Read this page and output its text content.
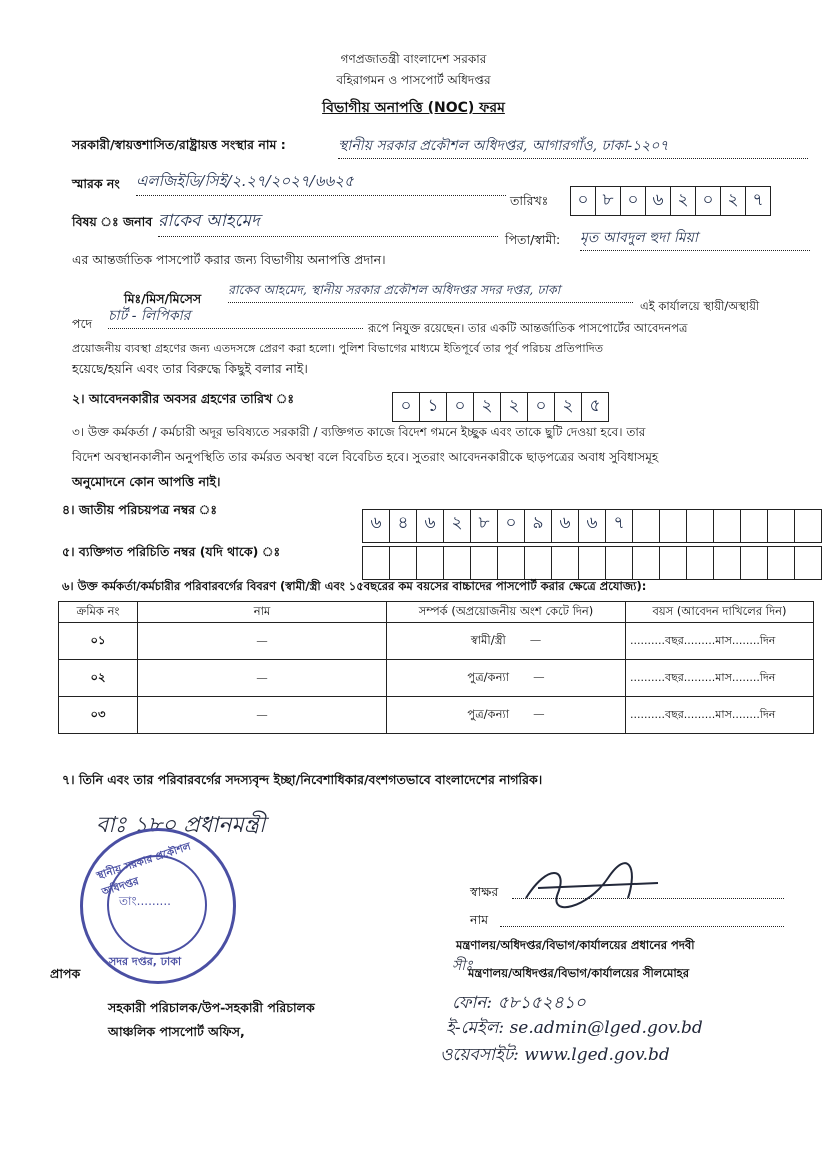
গণপ্রজাতন্ত্রী বাংলাদেশ সরকার
বহিরাগমন ও পাসপোর্ট অধিদপ্তর
বিভাগীয় অনাপত্তি (NOC) ফরম
সরকারী/স্বায়ত্তশাসিত/রাষ্ট্রায়ত্ত সংস্থার নাম :	স্থানীয় সরকার প্রকৌশল অধিদপ্তর, আগারগাঁও, ঢাকা-১২০৭
স্মারক নং এলজিইডি/সিই/২.২৭/২০২৭/৬৬২৫
তারিখঃ	০ ৮ ০ ৬ ২ ০ ২ ৭
বিষয় ঃ জনাব রাকেব আহমেদ
পিতা/স্বামী: মৃত আবদুল হুদা মিয়া
এর আন্তর্জাতিক পাসপোর্ট করার জন্য বিভাগীয় অনাপত্তি প্রদান।
মিঃ/মিস/মিসেস
রাকেব আহমেদ, স্থানীয় সরকার প্রকৌশল অধিদপ্তর সদর দপ্তর, ঢাকা
এই কার্যালয়ে স্থায়ী/অস্থায়ী
পদে চার্ট - লিপিকার
রূপে নিযুক্ত রয়েছেন। তার একটি আন্তর্জাতিক পাসপোর্টের আবেদনপত্র
প্রয়োজনীয় ব্যবস্থা গ্রহণের জন্য এতদসঙ্গে প্রেরণ করা হলো। পুলিশ বিভাগের মাধ্যমে ইতিপূর্বে তার পূর্ব পরিচয় প্রতিপাদিত
হয়েছে/হয়নি এবং তার বিরুদ্ধে কিছুই বলার নাই।
২। আবেদনকারীর অবসর গ্রহণের তারিখ ঃ	০ ১ ০ ২ ২ ০ ২ ৫
৩। উক্ত কর্মকর্তা / কর্মচারী অদূর ভবিষ্যতে সরকারী / ব্যক্তিগত কাজে বিদেশ গমনে ইচ্ছুক এবং তাকে ছুটি দেওয়া হবে। তার
বিদেশ অবস্থানকালীন অনুপস্থিতি তার কর্মরত অবস্থা বলে বিবেচিত হবে। সুতরাং আবেদনকারীকে ছাড়পত্রের অবাধ সুবিধাসমূহ
অনুমোদনে কোন আপত্তি নাই।
৪। জাতীয় পরিচয়পত্র নম্বর ঃ
৬ ৪ ৬ ২ ৮ ০ ৯ ৬ ৬ ৭
৫। ব্যক্তিগত পরিচিতি নম্বর (যদি থাকে) ঃ

৬। উক্ত কর্মকর্তা/কর্মচারীর পরিবারবর্গের বিবরণ (স্বামী/স্ত্রী এবং ১৫বছরের কম বয়সের বাচ্চাদের পাসপোর্ট করার ক্ষেত্রে প্রযোজ্য):
ক্রমিক নং	নাম	সম্পর্ক (অপ্রয়োজনীয় অংশ কেটে দিন)	বয়স (আবেদন দাখিলের দিন)
০১	—	স্বামী/স্ত্রী —	..........বছর.........মাস........দিন
০২	—	পুত্র/কন্যা —	..........বছর.........মাস........দিন
০৩	—	পুত্র/কন্যা —	..........বছর.........মাস........দিন
৭। তিনি এবং তার পরিবারবর্গের সদস্যবৃন্দ ইচ্ছা/নিবেশাধিকার/বংশগতভাবে বাংলাদেশের নাগরিক।
বাঃ ১৮০ প্রধানমন্ত্রী
স্থানীয় সরকার প্রকৌশল অধিদপ্তর
তাং.........
সদর দপ্তর, ঢাকা
স্বাক্ষর
নাম
মন্ত্রণালয়/অধিদপ্তর/বিভাগ/কার্যালয়ের প্রধানের পদবী
সীঃ
মন্ত্রণালয়/অধিদপ্তর/বিভাগ/কার্যালয়ের সীলমোহর
ফোন: ৫৮১৫২৪১০
ই-মেইল: se.admin@lged.gov.bd
ওয়েবসাইট: www.lged.gov.bd
প্রাপক
সহকারী পরিচালক/উপ-সহকারী পরিচালক
আঞ্চলিক পাসপোর্ট অফিস,
